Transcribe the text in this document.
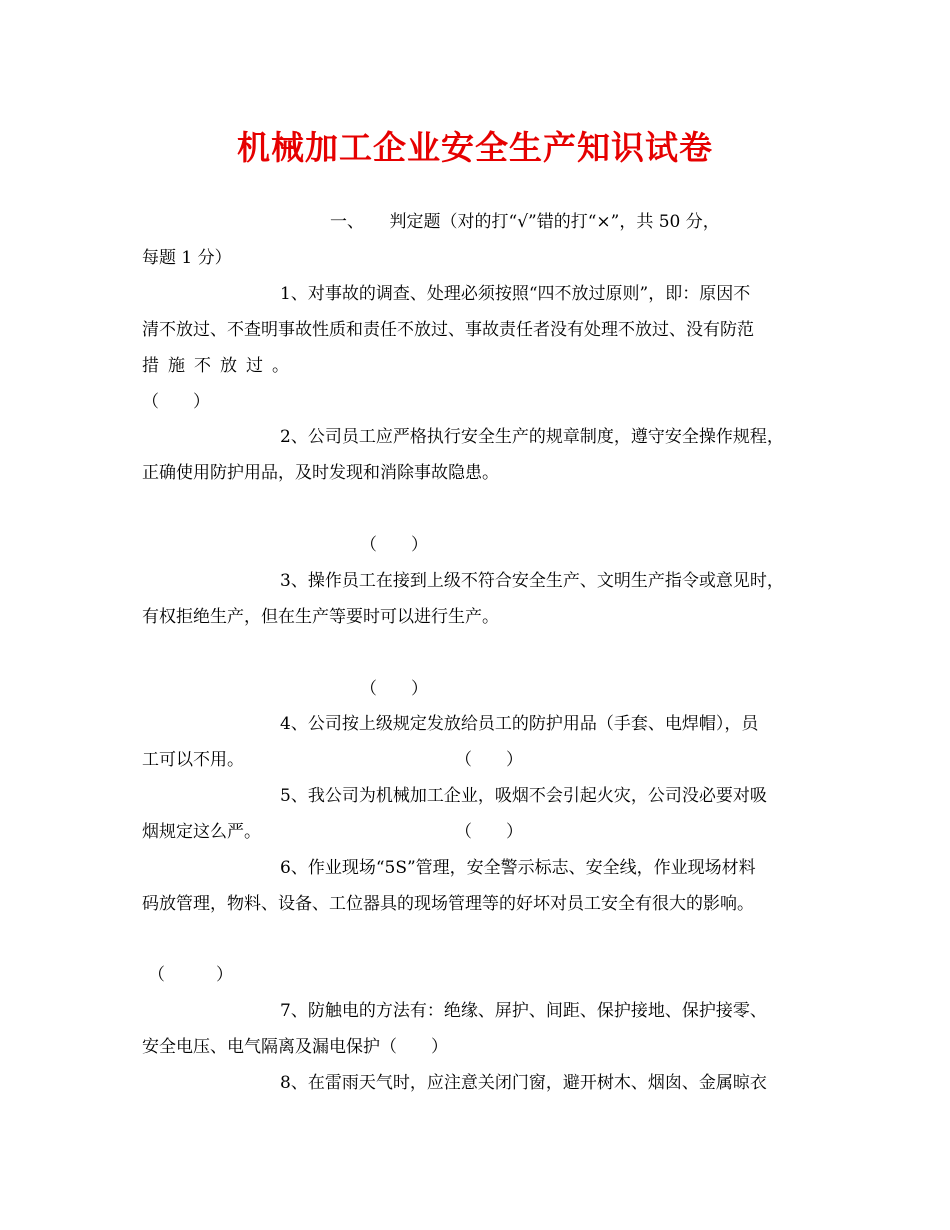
机械加工企业安全生产知识试卷
一、　　判定题（对的打“√”错的打“×”，共 50 分，
每题 1 分）
1、对事故的调查、处理必须按照“四不放过原则”，即：原因不
清不放过、不查明事故性质和责任不放过、事故责任者没有处理不放过、没有防范
措施不放过。
（　　）
2、公司员工应严格执行安全生产的规章制度，遵守安全操作规程，
正确使用防护用品，及时发现和消除事故隐患。
（　　）
3、操作员工在接到上级不符合安全生产、文明生产指令或意见时，
有权拒绝生产，但在生产等要时可以进行生产。
（　　）
4、公司按上级规定发放给员工的防护用品（手套、电焊帽），员
工可以不用。	（　　）
5、我公司为机械加工企业，吸烟不会引起火灾，公司没必要对吸
烟规定这么严。	（　　）
6、作业现场“5S”管理，安全警示标志、安全线，作业现场材料
码放管理，物料、设备、工位器具的现场管理等的好坏对员工安全有很大的影响。
（　　　）
7、防触电的方法有：绝缘、屏护、间距、保护接地、保护接零、
安全电压、电气隔离及漏电保护（　　）
8、在雷雨天气时，应注意关闭门窗，避开树木、烟囱、金属晾衣
